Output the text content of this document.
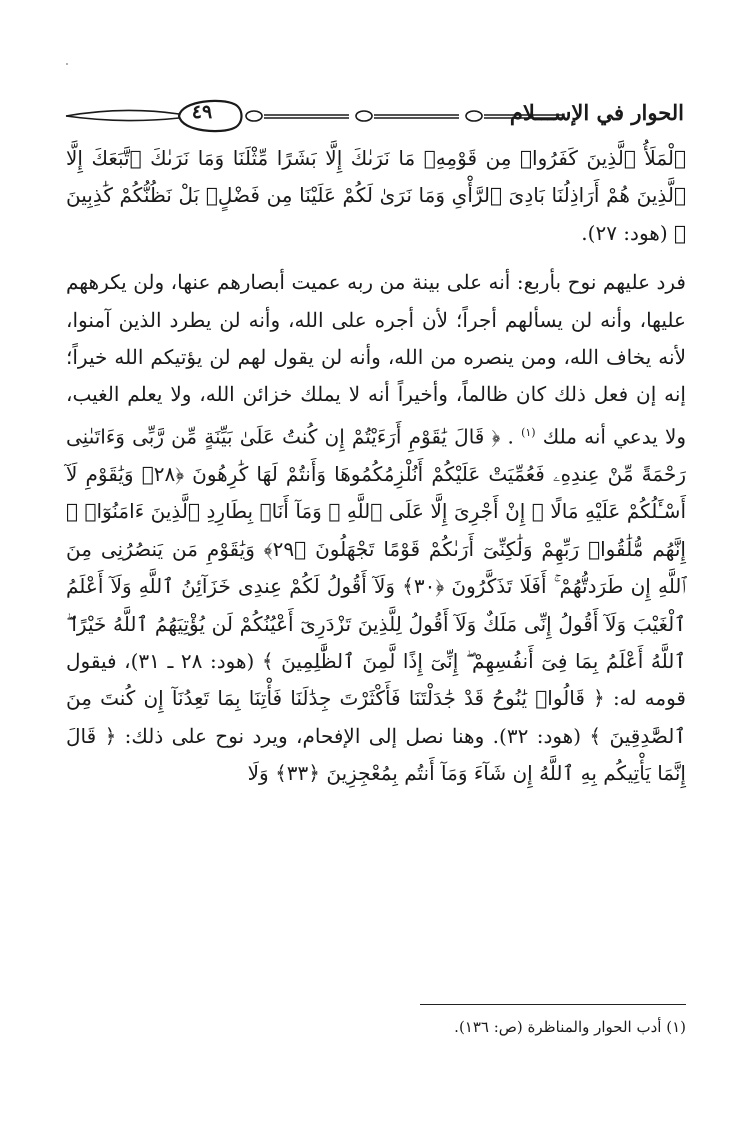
٤٩	الحوار في الإســـلام

ٱلْمَلَأُ ٱلَّذِينَ كَفَرُوا۟ مِن قَوْمِهِۦ مَا نَرَىٰكَ إِلَّا بَشَرًا مِّثْلَنَا وَمَا نَرَىٰكَ ٱتَّبَعَكَ إِلَّا ٱلَّذِينَ هُمْ أَرَاذِلُنَا بَادِىَ ٱلرَّأْىِ وَمَا نَرَىٰ لَكُمْ عَلَيْنَا مِن فَضْلٍۭ بَلْ نَظُنُّكُمْ كَٰذِبِينَ ﴾ (هود: ٢٧).

فرد عليهم نوح بأربع: أنه على بينة من ربه عميت أبصارهم عنها، ولن يكرههم عليها، وأنه لن يسألهم أجراً؛ لأن أجره على الله، وأنه لن يطرد الذين آمنوا، لأنه يخاف الله، ومن ينصره من الله، وأنه لن يقول لهم لن يؤتيكم الله خيراً؛ إنه إن فعل ذلك كان ظالماً، وأخيراً أنه لا يملك خزائن الله، ولا يعلم الغيب، ولا يدعي أنه ملك $^{(١)}$ . ﴿ قَالَ يَٰقَوْمِ أَرَءَيْتُمْ إِن كُنتُ عَلَىٰ بَيِّنَةٍ مِّن رَّبِّى وَءَاتَىٰنِى رَحْمَةً مِّنْ عِندِهِۦ فَعُمِّيَتْ عَلَيْكُمْ أَنُلْزِمُكُمُوهَا وَأَنتُمْ لَهَا كَٰرِهُونَ ﴿٢٨﴾ وَيَٰقَوْمِ لَآ أَسْـَٔلُكُمْ عَلَيْهِ مَالًا ۖ إِنْ أَجْرِىَ إِلَّا عَلَى ٱللَّهِ ۚ وَمَآ أَنَا۠ بِطَارِدِ ٱلَّذِينَ ءَامَنُوٓا۟ ۚ إِنَّهُم مُّلَٰقُوا۟ رَبِّهِمْ وَلَٰكِنِّىٓ أَرَىٰكُمْ قَوْمًا تَجْهَلُونَ ﴿٢٩﴾ وَيَٰقَوْمِ مَن يَنصُرُنِى مِنَ ٱللَّهِ إِن طَرَدتُّهُمْ ۚ أَفَلَا تَذَكَّرُونَ ﴿٣٠﴾ وَلَآ أَقُولُ لَكُمْ عِندِى خَزَآئِنُ ٱللَّهِ وَلَآ أَعْلَمُ ٱلْغَيْبَ وَلَآ أَقُولُ إِنِّى مَلَكٌ وَلَآ أَقُولُ لِلَّذِينَ تَزْدَرِىٓ أَعْيُنُكُمْ لَن يُؤْتِيَهُمُ ٱللَّهُ خَيْرًا ۖ ٱللَّهُ أَعْلَمُ بِمَا فِىٓ أَنفُسِهِمْ ۖ إِنِّىٓ إِذًا لَّمِنَ ٱلظَّٰلِمِينَ ﴾ (هود: ٢٨ ـ ٣١)، فيقول قومه له: ﴿ قَالُوا۟ يَٰنُوحُ قَدْ جَٰدَلْتَنَا فَأَكْثَرْتَ جِدَٰلَنَا فَأْتِنَا بِمَا تَعِدُنَآ إِن كُنتَ مِنَ ٱلصَّٰدِقِينَ ﴾ (هود: ٣٢). وهنا نصل إلى الإفحام، ويرد نوح على ذلك: ﴿ قَالَ إِنَّمَا يَأْتِيكُم بِهِ ٱللَّهُ إِن شَآءَ وَمَآ أَنتُم بِمُعْجِزِينَ ﴿٣٣﴾ وَلَا

(١) أدب الحوار والمناظرة (ص: ١٣٦).
